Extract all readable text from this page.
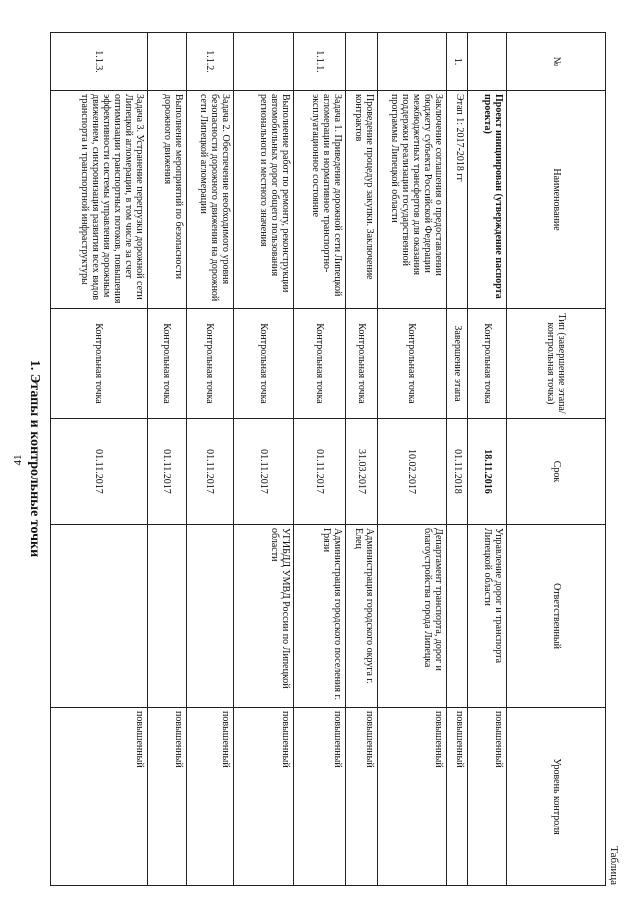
41
Таблица
№	Наименование	Тип (завершение этапа/контрольная точка)	Срок	Ответственный	Уровень контроля
	Проект инициирован (утверждение паспорта проекта)	Контрольная точка	18.11.2016	Управление дорог и транспорта Липецкой области	повышенный
1.	Этап 1: 2017-2018 гг	Завершение этапа	01.11.2018		повышенный
	Заключение соглашения о предоставлении бюджету субъекта Российской Федерации межбюджетных трансфертов для оказания поддержки реализации государственной программы Липецкой области	Контрольная точка	10.02.2017	Департамент транспорта, дорог и благоустройства города Липецка	повышенный
	Проведение процедур закупки. Заключение контрактов	Контрольная точка	31.03.2017	Администрация городского округа г. Елец	повышенный
1.1.1.	Задача 1. Приведение дорожной сети Липецкой агломерации в нормативное транспортно-эксплуатационное состояние	Контрольная точка	01.11.2017	Администрация городского поселения г. Грязи	повышенный
	Выполнение работ по ремонту, реконструкции автомобильных дорог общего пользования регионального и местного значения	Контрольная точка	01.11.2017	УГИБДД УМВД России по Липецкой области	повышенный
1.1.2.	Задача 2. Обеспечение необходимого уровня безопасности дорожного движения на дорожной сети Липецкой агломерации	Контрольная точка	01.11.2017		повышенный
	Выполнение мероприятий по безопасности дорожного движения	Контрольная точка	01.11.2017		повышенный
1.1.3.	Задача 3. Устранение перегрузки дорожной сети Липецкой агломерации, в том числе за счет оптимизации транспортных потоков, повышения эффективности системы управления дорожным движением, синхронизация развития всех видов транспорта и транспортной инфраструктуры	Контрольная точка	01.11.2017		повышенный
1. Этапы и контрольные точки
